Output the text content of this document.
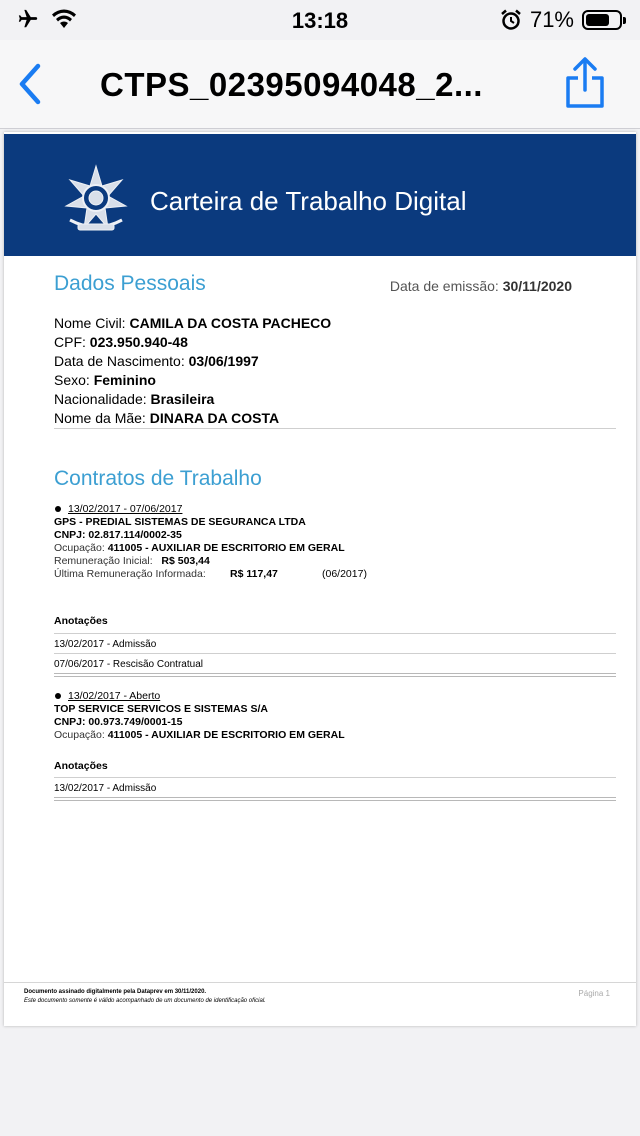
13:18	71%
CTPS_02395094048_2...
Carteira de Trabalho Digital
Dados Pessoais	Data de emissão: 30/11/2020
Nome Civil: CAMILA DA COSTA PACHECO
CPF: 023.950.940-48
Data de Nascimento: 03/06/1997
Sexo: Feminino
Nacionalidade: Brasileira
Nome da Mãe: DINARA DA COSTA
Contratos de Trabalho
13/02/2017 - 07/06/2017
GPS - PREDIAL SISTEMAS DE SEGURANCA LTDA
CNPJ: 02.817.114/0002-35
Ocupação: 411005 - AUXILIAR DE ESCRITORIO EM GERAL
Remuneração Inicial: R$ 503,44
Última Remuneração Informada: R$ 117,47	(06/2017)
Anotações
13/02/2017 - Admissão
07/06/2017 - Rescisão Contratual
13/02/2017 - Aberto
TOP SERVICE SERVICOS E SISTEMAS S/A
CNPJ: 00.973.749/0001-15
Ocupação: 411005 - AUXILIAR DE ESCRITORIO EM GERAL
Anotações
13/02/2017 - Admissão
Documento assinado digitalmente pela Dataprev em 30/11/2020.
Este documento somente é válido acompanhado de um documento de identificação oficial.
Página 1
